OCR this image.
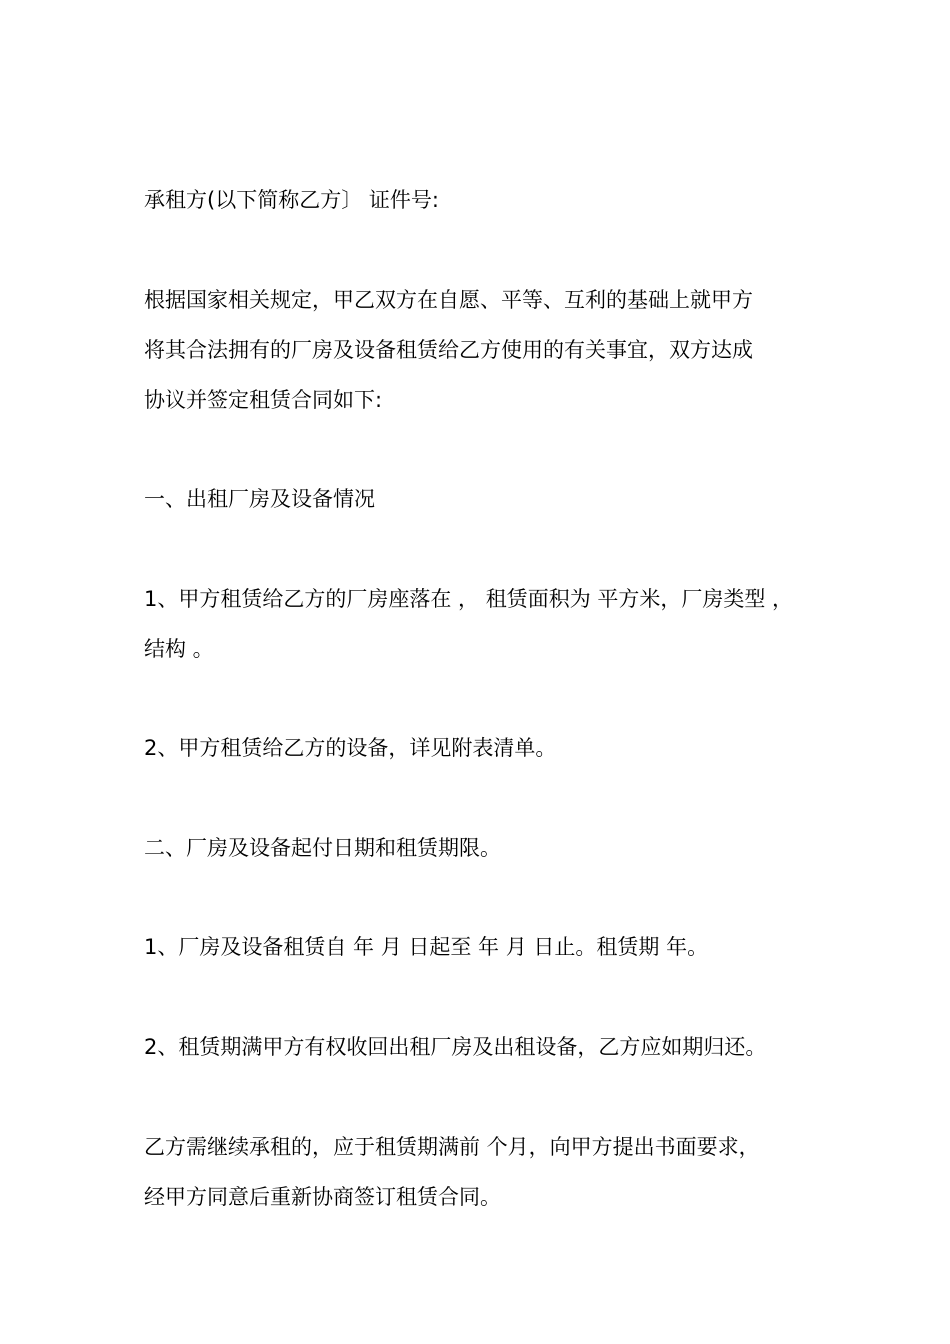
承租方(以下简称乙方〕 证件号:

根据国家相关规定，甲乙双方在自愿、平等、互利的基础上就甲方
将其合法拥有的厂房及设备租赁给乙方使用的有关事宜，双方达成
协议并签定租赁合同如下:

一、出租厂房及设备情况

1、甲方租赁给乙方的厂房座落在 ， 租赁面积为 平方米，厂房类型 ，
结构 。

2、甲方租赁给乙方的设备，详见附表清单。

二、厂房及设备起付日期和租赁期限。

1、厂房及设备租赁自 年 月 日起至 年 月 日止。租赁期 年。

2、租赁期满甲方有权收回出租厂房及出租设备，乙方应如期归还。

乙方需继续承租的，应于租赁期满前 个月，向甲方提出书面要求，
经甲方同意后重新协商签订租赁合同。
